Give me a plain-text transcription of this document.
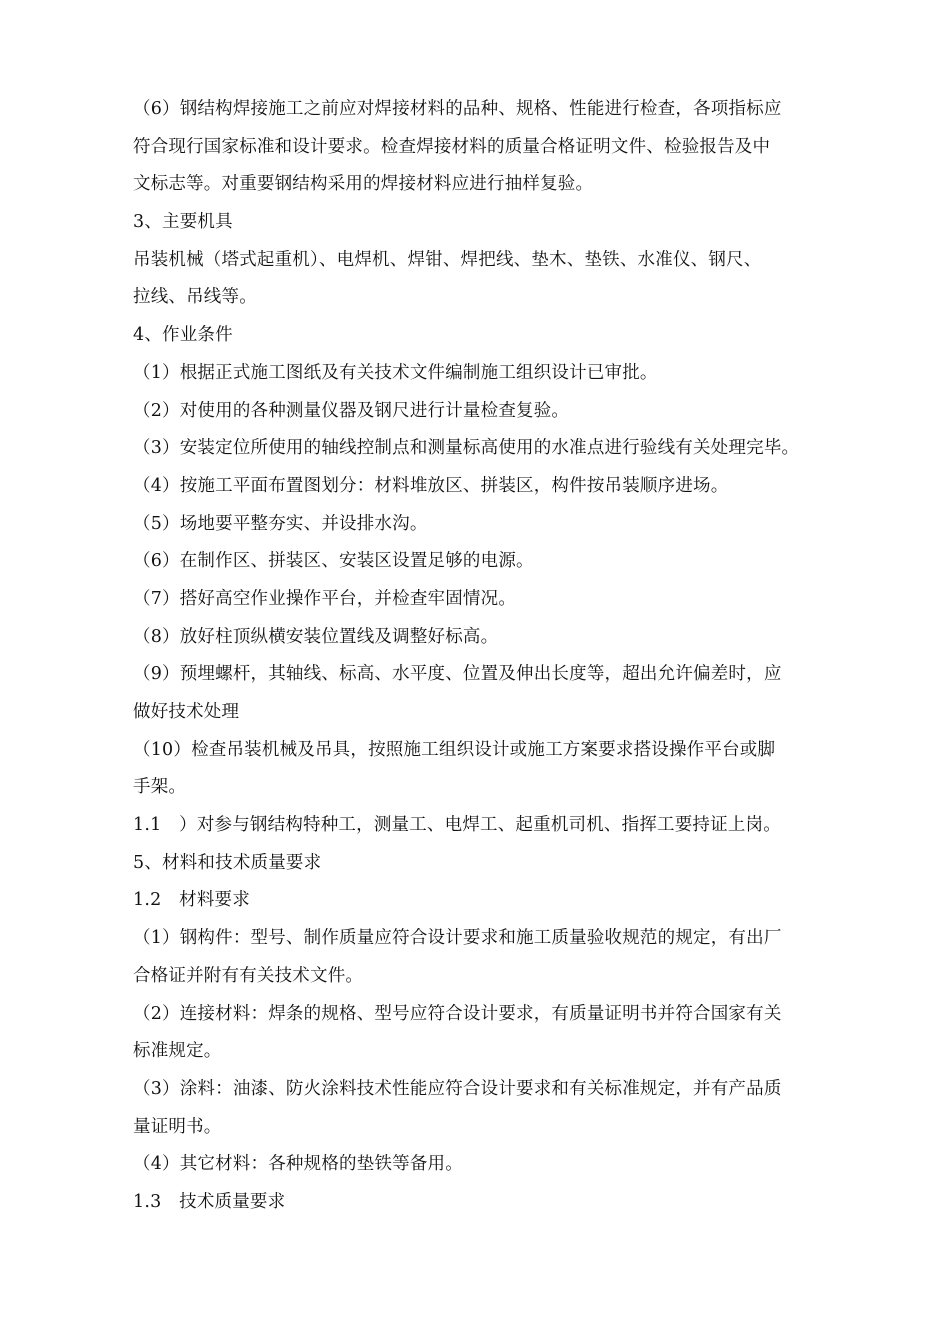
（6）钢结构焊接施工之前应对焊接材料的品种、规格、性能进行检查，各项指标应
符合现行国家标准和设计要求。检查焊接材料的质量合格证明文件、检验报告及中
文标志等。对重要钢结构采用的焊接材料应进行抽样复验。
3、主要机具
吊装机械（塔式起重机）、电焊机、焊钳、焊把线、垫木、垫铁、水准仪、钢尺、
拉线、吊线等。
4、作业条件
（1）根据正式施工图纸及有关技术文件编制施工组织设计已审批。
（2）对使用的各种测量仪器及钢尺进行计量检查复验。
（3）安装定位所使用的轴线控制点和测量标高使用的水准点进行验线有关处理完毕。
（4）按施工平面布置图划分：材料堆放区、拼装区，构件按吊装顺序进场。
（5）场地要平整夯实、并设排水沟。
（6）在制作区、拼装区、安装区设置足够的电源。
（7）搭好高空作业操作平台，并检查牢固情况。
（8）放好柱顶纵横安装位置线及调整好标高。
（9）预埋螺杆，其轴线、标高、水平度、位置及伸出长度等，超出允许偏差时，应
做好技术处理
（10）检查吊装机械及吊具，按照施工组织设计或施工方案要求搭设操作平台或脚
手架。
1.1　）对参与钢结构特种工，测量工、电焊工、起重机司机、指挥工要持证上岗。
5、材料和技术质量要求
1.2　材料要求
（1）钢构件：型号、制作质量应符合设计要求和施工质量验收规范的规定，有出厂
合格证并附有有关技术文件。
（2）连接材料：焊条的规格、型号应符合设计要求，有质量证明书并符合国家有关
标准规定。
（3）涂料：油漆、防火涂料技术性能应符合设计要求和有关标准规定，并有产品质
量证明书。
（4）其它材料：各种规格的垫铁等备用。
1.3　技术质量要求
